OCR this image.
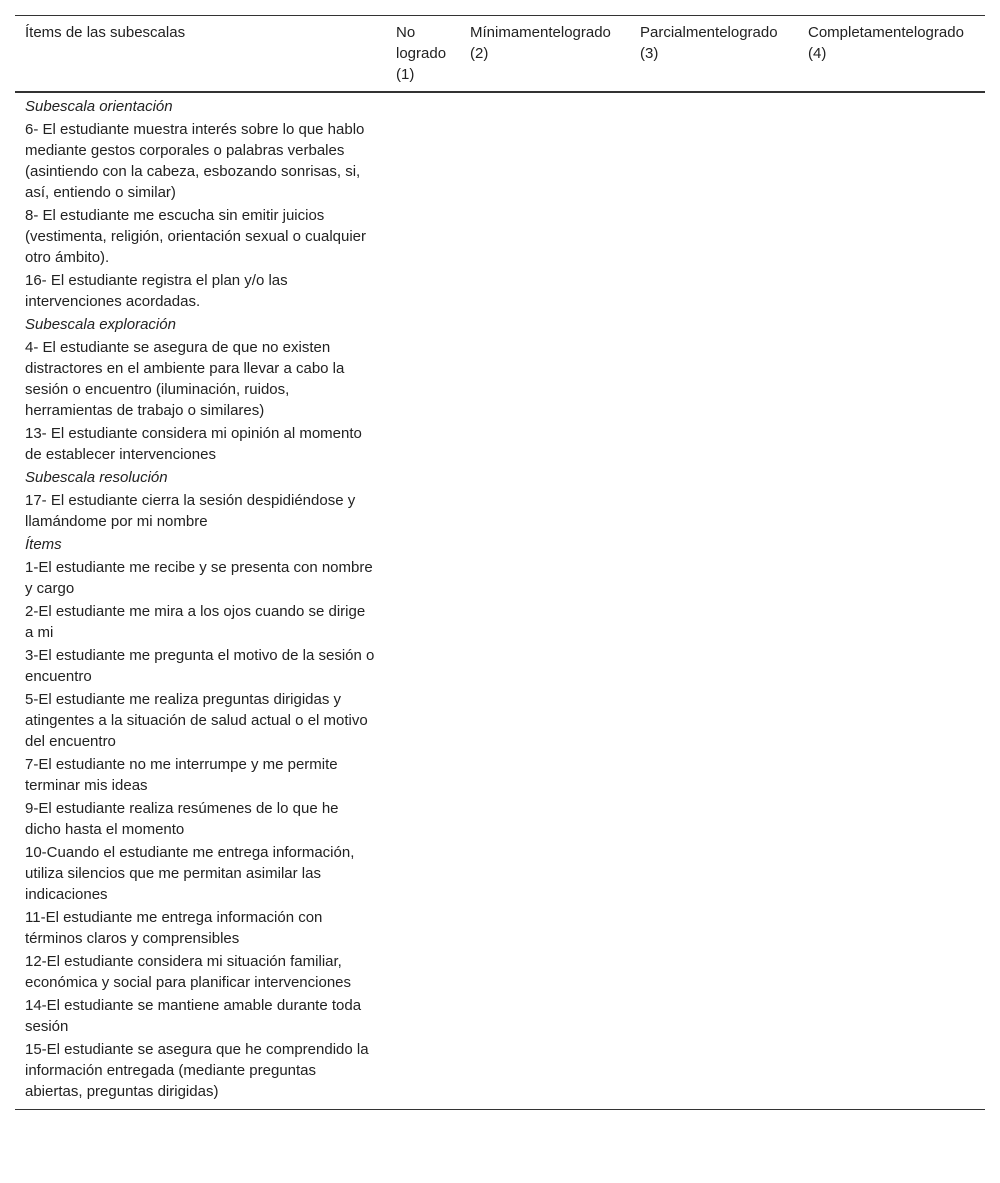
Ítems de las subescalas	No logrado (1)	Mínimamentelogrado (2)	Parcialmentelogrado (3)	Completamentelogrado (4)
Subescala orientación				
6- El estudiante muestra interés sobre lo que hablo mediante gestos corporales o palabras verbales (asintiendo con la cabeza, esbozando sonrisas, si, así, entiendo o similar)				
8- El estudiante me escucha sin emitir juicios (vestimenta, religión, orientación sexual o cualquier otro ámbito).				
16- El estudiante registra el plan y/o las intervenciones acordadas.				
Subescala exploración				
4- El estudiante se asegura de que no existen distractores en el ambiente para llevar a cabo la sesión o encuentro (iluminación, ruidos, herramientas de trabajo o similares)				
13- El estudiante considera mi opinión al momento de establecer intervenciones				
Subescala resolución				
17- El estudiante cierra la sesión despidiéndose y llamándome por mi nombre				
Ítems				
1-El estudiante me recibe y se presenta con nombre y cargo				
2-El estudiante me mira a los ojos cuando se dirige a mi				
3-El estudiante me pregunta el motivo de la sesión o encuentro				
5-El estudiante me realiza preguntas dirigidas y atingentes a la situación de salud actual o el motivo del encuentro				
7-El estudiante no me interrumpe y me permite terminar mis ideas				
9-El estudiante realiza resúmenes de lo que he dicho hasta el momento				
10-Cuando el estudiante me entrega información, utiliza silencios que me permitan asimilar las indicaciones				
11-El estudiante me entrega información con términos claros y comprensibles				
12-El estudiante considera mi situación familiar, económica y social para planificar intervenciones				
14-El estudiante se mantiene amable durante toda sesión				
15-El estudiante se asegura que he comprendido la información entregada (mediante preguntas abiertas, preguntas dirigidas)				
